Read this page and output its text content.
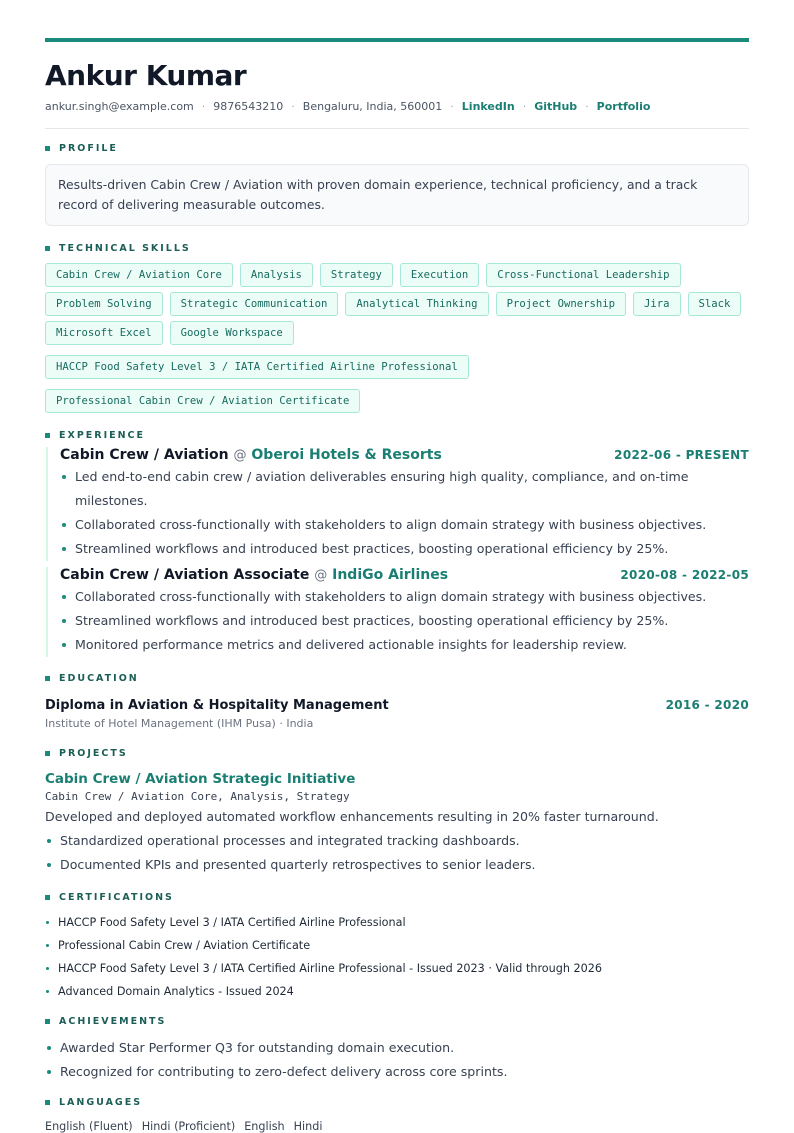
Ankur Kumar
ankur.singh@example.com · 9876543210 · Bengaluru, India, 560001 · LinkedIn · GitHub · Portfolio
PROFILE
Results-driven Cabin Crew / Aviation with proven domain experience, technical proficiency, and a track record of delivering measurable outcomes.
TECHNICAL SKILLS
Cabin Crew / Aviation Core	Analysis	Strategy	Execution	Cross-Functional Leadership
Problem Solving	Strategic Communication	Analytical Thinking	Project Ownership	Jira	Slack
Microsoft Excel	Google Workspace
HACCP Food Safety Level 3 / IATA Certified Airline Professional
Professional Cabin Crew / Aviation Certificate
EXPERIENCE
Cabin Crew / Aviation @ Oberoi Hotels & Resorts	2022-06 - PRESENT
Led end-to-end cabin crew / aviation deliverables ensuring high quality, compliance, and on-time milestones.
Collaborated cross-functionally with stakeholders to align domain strategy with business objectives.
Streamlined workflows and introduced best practices, boosting operational efficiency by 25%.
Cabin Crew / Aviation Associate @ IndiGo Airlines	2020-08 - 2022-05
Collaborated cross-functionally with stakeholders to align domain strategy with business objectives.
Streamlined workflows and introduced best practices, boosting operational efficiency by 25%.
Monitored performance metrics and delivered actionable insights for leadership review.
EDUCATION
Diploma in Aviation & Hospitality Management	2016 - 2020
Institute of Hotel Management (IHM Pusa) · India
PROJECTS
Cabin Crew / Aviation Strategic Initiative
Cabin Crew / Aviation Core, Analysis, Strategy
Developed and deployed automated workflow enhancements resulting in 20% faster turnaround.
Standardized operational processes and integrated tracking dashboards.
Documented KPIs and presented quarterly retrospectives to senior leaders.
CERTIFICATIONS
HACCP Food Safety Level 3 / IATA Certified Airline Professional
Professional Cabin Crew / Aviation Certificate
HACCP Food Safety Level 3 / IATA Certified Airline Professional - Issued 2023 · Valid through 2026
Advanced Domain Analytics - Issued 2024
ACHIEVEMENTS
Awarded Star Performer Q3 for outstanding domain execution.
Recognized for contributing to zero-defect delivery across core sprints.
LANGUAGES
English (Fluent) Hindi (Proficient) English Hindi
